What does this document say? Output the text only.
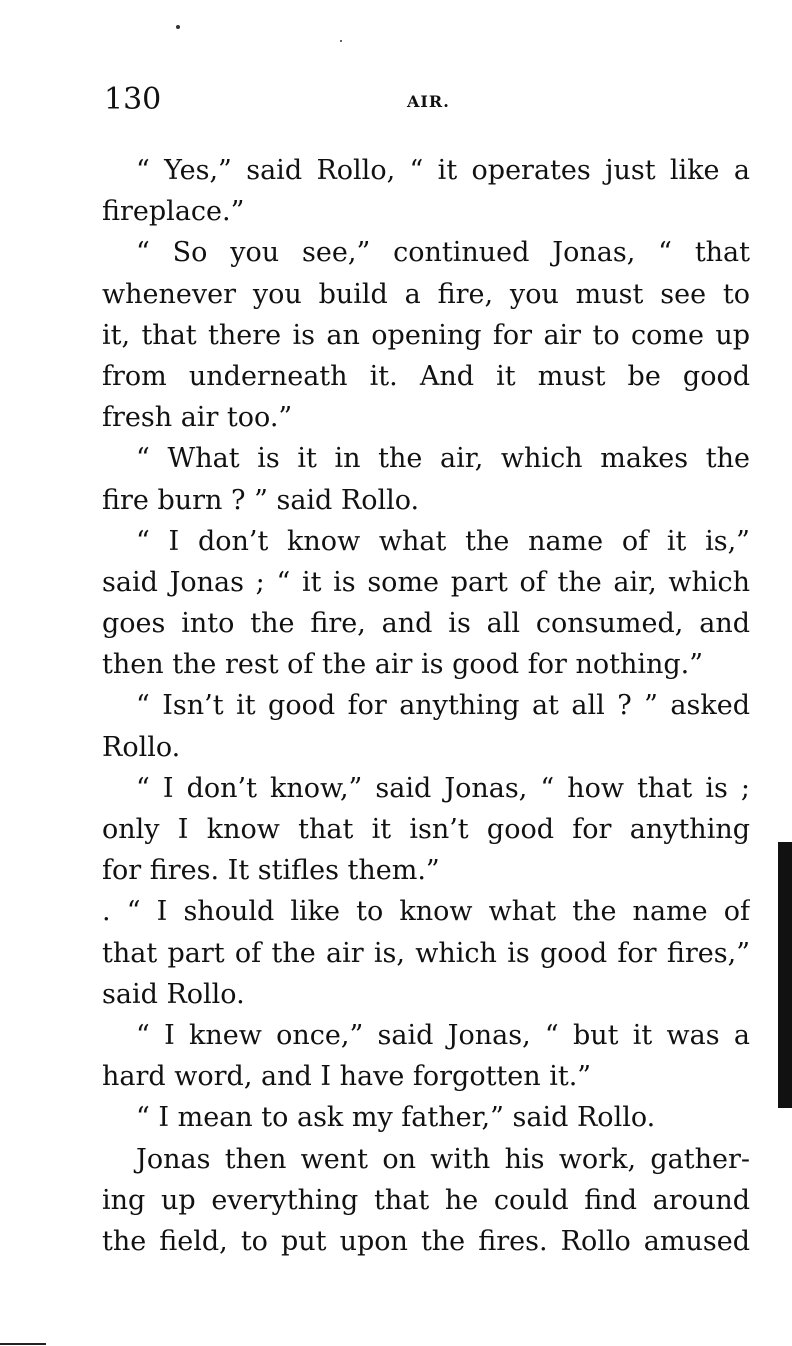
130	AIR.
“ Yes,” said Rollo, “ it operates just like a
fireplace.”
“ So you see,” continued Jonas, “ that
whenever you build a fire, you must see to
it, that there is an opening for air to come up
from underneath it. And it must be good
fresh air too.”
“ What is it in the air, which makes the
fire burn ? ” said Rollo.
“ I don’t know what the name of it is,”
said Jonas ; “ it is some part of the air, which
goes into the fire, and is all consumed, and
then the rest of the air is good for nothing.”
“ Isn’t it good for anything at all ? ” asked
Rollo.
“ I don’t know,” said Jonas, “ how that is ;
only I know that it isn’t good for anything
for fires. It stifles them.”
. “ I should like to know what the name of
that part of the air is, which is good for fires,”
said Rollo.
“ I knew once,” said Jonas, “ but it was a
hard word, and I have forgotten it.”
“ I mean to ask my father,” said Rollo.
Jonas then went on with his work, gather-
ing up everything that he could find around
the field, to put upon the fires. Rollo amused
